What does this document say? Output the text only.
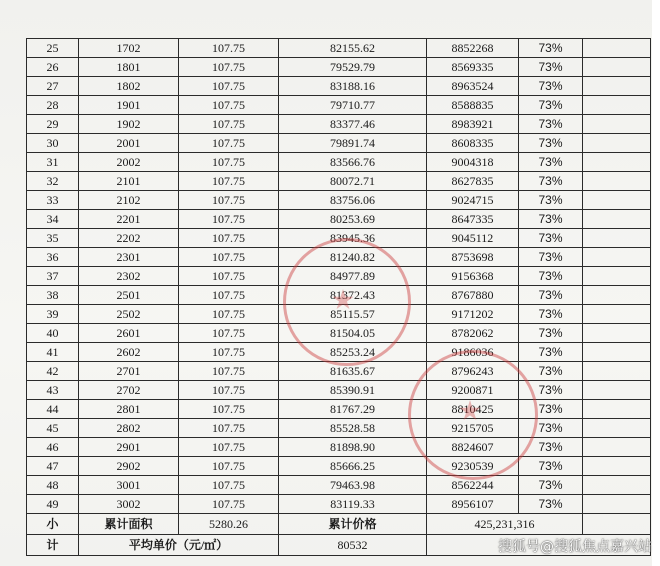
25	1702	107.75	82155.62	8852268	73%	
26	1801	107.75	79529.79	8569335	73%	
27	1802	107.75	83188.16	8963524	73%	
28	1901	107.75	79710.77	8588835	73%	
29	1902	107.75	83377.46	8983921	73%	
30	2001	107.75	79891.74	8608335	73%	
31	2002	107.75	83566.76	9004318	73%	
32	2101	107.75	80072.71	8627835	73%	
33	2102	107.75	83756.06	9024715	73%	
34	2201	107.75	80253.69	8647335	73%	
35	2202	107.75	83945.36	9045112	73%	
36	2301	107.75	81240.82	8753698	73%	
37	2302	107.75	84977.89	9156368	73%	
38	2501	107.75	81372.43	8767880	73%	
39	2502	107.75	85115.57	9171202	73%	
40	2601	107.75	81504.05	8782062	73%	
41	2602	107.75	85253.24	9186036	73%	
42	2701	107.75	81635.67	8796243	73%	
43	2702	107.75	85390.91	9200871	73%	
44	2801	107.75	81767.29	8810425	73%	
45	2802	107.75	85528.58	9215705	73%	
46	2901	107.75	81898.90	8824607	73%	
47	2902	107.75	85666.25	9230539	73%	
48	3001	107.75	79463.98	8562244	73%	
49	3002	107.75	83119.33	8956107	73%	
小	累计面积	5280.26	累计价格	425,231,316		
计	平均单价（元/㎡）		80532				搜狐号@搜狐焦点嘉兴站
